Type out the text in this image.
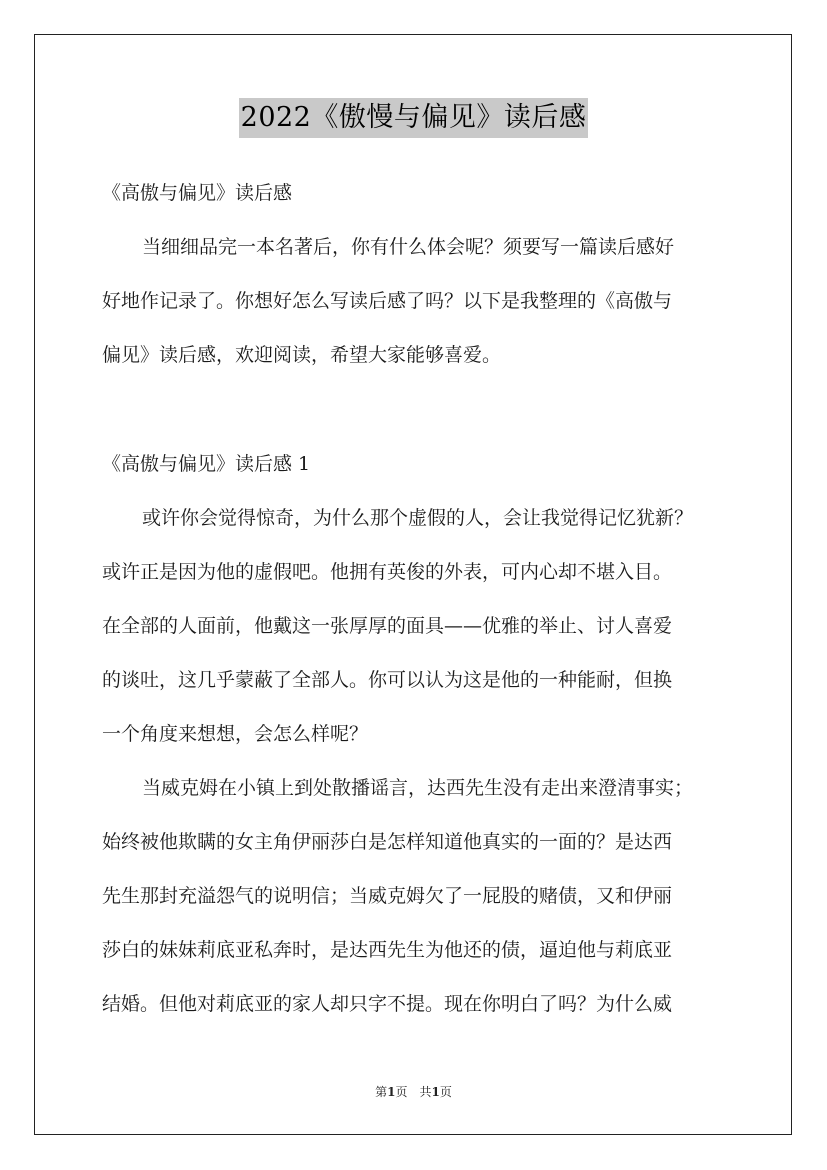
2022《傲慢与偏见》读后感
《高傲与偏见》读后感
当细细品完一本名著后，你有什么体会呢？须要写一篇读后感好
好地作记录了。你想好怎么写读后感了吗？以下是我整理的《高傲与
偏见》读后感，欢迎阅读，希望大家能够喜爱。
《高傲与偏见》读后感 1
或许你会觉得惊奇，为什么那个虚假的人，会让我觉得记忆犹新？
或许正是因为他的虚假吧。他拥有英俊的外表，可内心却不堪入目。
在全部的人面前，他戴这一张厚厚的面具——优雅的举止、讨人喜爱
的谈吐，这几乎蒙蔽了全部人。你可以认为这是他的一种能耐，但换
一个角度来想想，会怎么样呢？
当威克姆在小镇上到处散播谣言，达西先生没有走出来澄清事实；
始终被他欺瞒的女主角伊丽莎白是怎样知道他真实的一面的？是达西
先生那封充溢怨气的说明信；当威克姆欠了一屁股的赌债，又和伊丽
莎白的妹妹莉底亚私奔时，是达西先生为他还的债，逼迫他与莉底亚
结婚。但他对莉底亚的家人却只字不提。现在你明白了吗？为什么威
第1页　共1页
